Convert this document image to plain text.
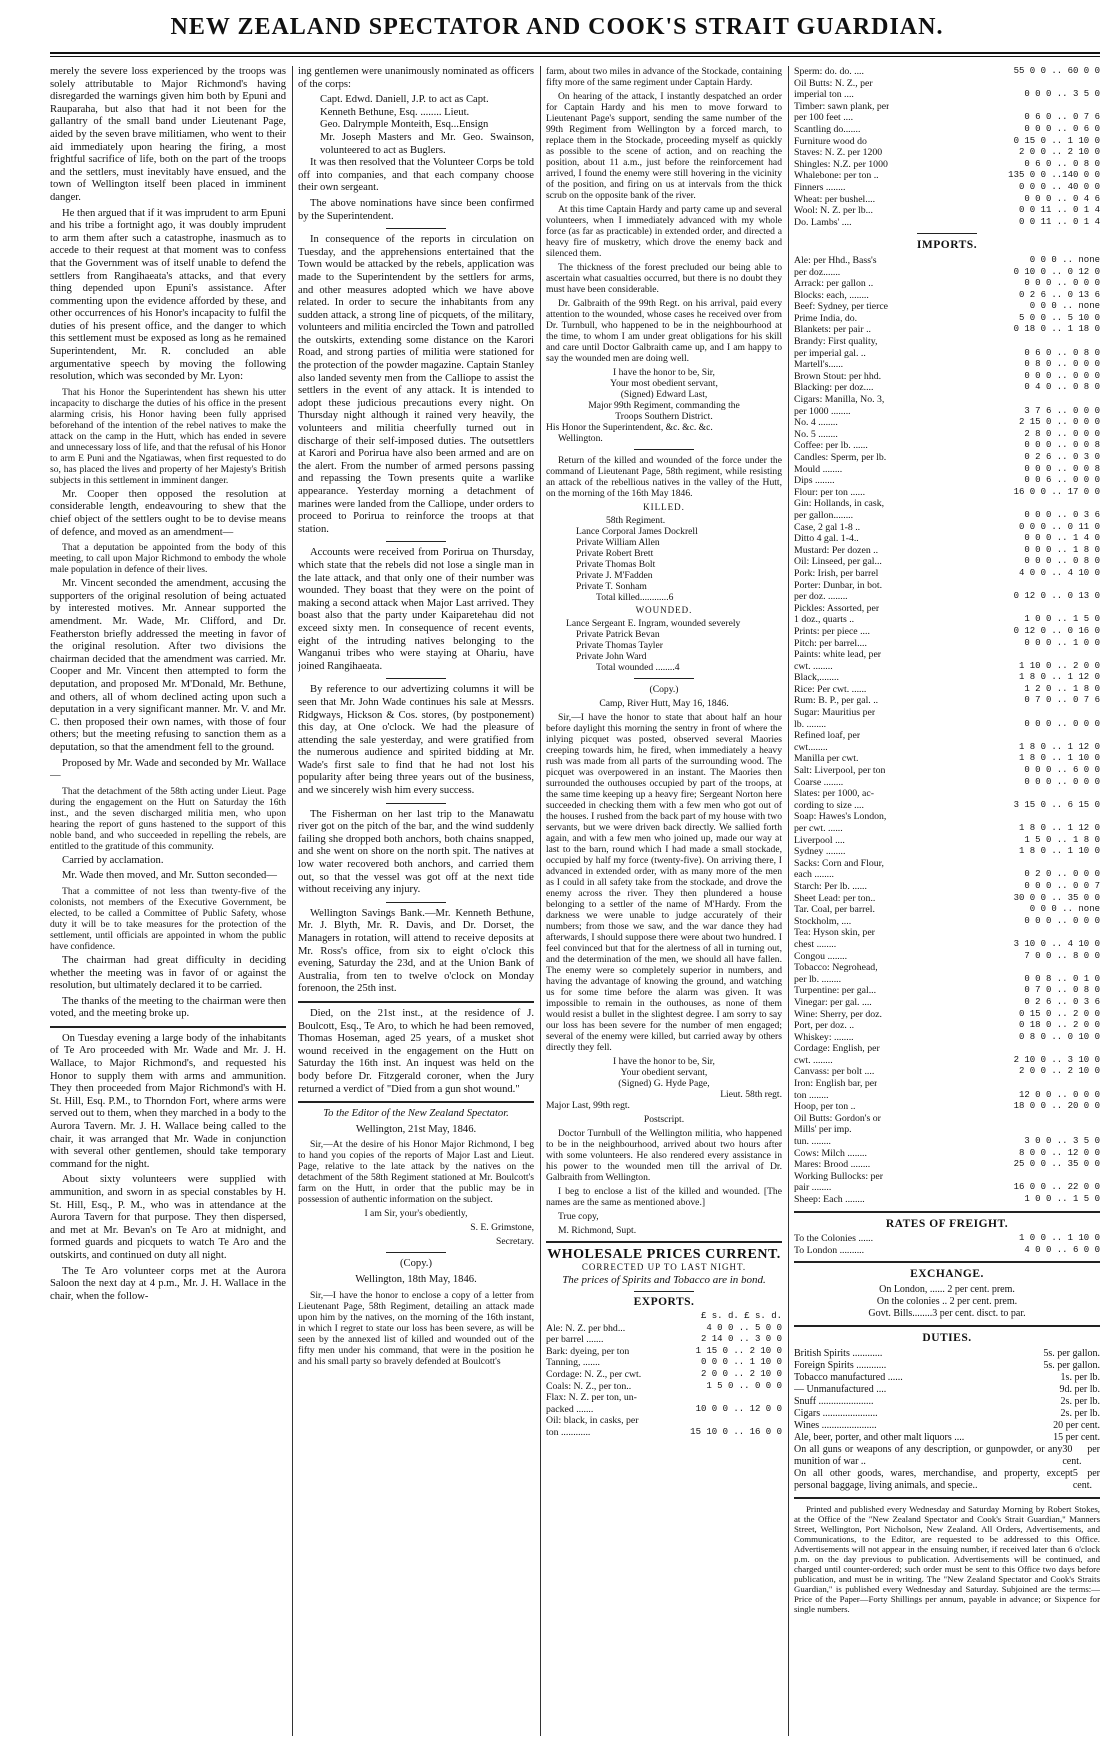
NEW ZEALAND SPECTATOR AND COOK'S STRAIT GUARDIAN.

merely the severe loss experienced by the troops was solely attributable to Major Richmond's having disregarded the warnings given him both by Epuni and Rauparaha, but also that had it not been for the gallantry of the small band under Lieutenant Page, aided by the seven brave militiamen, who went to their aid immediately upon hearing the firing, a most frightful sacrifice of life, both on the part of the troops and the settlers, must inevitably have ensued, and the town of Wellington itself been placed in imminent danger.

He then argued that if it was imprudent to arm Epuni and his tribe a fortnight ago, it was doubly imprudent to arm them after such a catastrophe, inasmuch as to accede to their request at that moment was to confess that the Government was of itself unable to defend the settlers from Rangihaeata's attacks, and that every thing depended upon Epuni's assistance. After commenting upon the evidence afforded by these, and other occurrences of his Honor's incapacity to fulfil the duties of his present office, and the danger to which this settlement must be exposed as long as he remained Superintendent, Mr. R. concluded an able argumentative speech by moving the following resolution, which was seconded by Mr. Lyon:

That his Honor the Superintendent has shewn his utter incapacity to discharge the duties of his office in the present alarming crisis, his Honor having been fully apprised beforehand of the intention of the rebel natives to make the attack on the camp in the Hutt, which has ended in severe and unnecessary loss of life, and that the refusal of his Honor to arm E Puni and the Ngatiawas, when first requested to do so, has placed the lives and property of her Majesty's British subjects in this settlement in imminent danger.

Mr. Cooper then opposed the resolution at considerable length, endeavouring to shew that the chief object of the settlers ought to be to devise means of defence, and moved as an amendment—

That a deputation be appointed from the body of this meeting, to call upon Major Richmond to embody the whole male population in defence of their lives.

Mr. Vincent seconded the amendment, accusing the supporters of the original resolution of being actuated by interested motives. Mr. Annear supported the amendment. Mr. Wade, Mr. Clifford, and Dr. Featherston briefly addressed the meeting in favor of the original resolution. After two divisions the chairman decided that the amendment was carried. Mr. Cooper and Mr. Vincent then attempted to form the deputation, and proposed Mr. M'Donald, Mr. Bethune, and others, all of whom declined acting upon such a deputation in a very significant manner. Mr. V. and Mr. C. then proposed their own names, with those of four others; but the meeting refusing to sanction them as a deputation, so that the amendment fell to the ground.

Proposed by Mr. Wade and seconded by Mr. Wallace—

That the detachment of the 58th acting under Lieut. Page during the engagement on the Hutt on Saturday the 16th inst., and the seven discharged militia men, who upon hearing the report of guns hastened to the support of this noble band, and who succeeded in repelling the rebels, are entitled to the gratitude of this community.

Carried by acclamation.

Mr. Wade then moved, and Mr. Sutton seconded—

That a committee of not less than twenty-five of the colonists, not members of the Executive Government, be elected, to be called a Committee of Public Safety, whose duty it will be to take measures for the protection of the settlement, until officials are appointed in whom the public have confidence.

The chairman had great difficulty in deciding whether the meeting was in favor of or against the resolution, but ultimately declared it to be carried.

The thanks of the meeting to the chairman were then voted, and the meeting broke up.

On Tuesday evening a large body of the inhabitants of Te Aro proceeded with Mr. Wade and Mr. J. H. Wallace, to Major Richmond's, and requested his Honor to supply them with arms and ammunition. They then proceeded from Major Richmond's with H. St. Hill, Esq. P.M., to Thorndon Fort, where arms were served out to them, when they marched in a body to the Aurora Tavern. Mr. J. H. Wallace being called to the chair, it was arranged that Mr. Wade in conjunction with several other gentlemen, should take temporary command for the night.

About sixty volunteers were supplied with ammunition, and sworn in as special constables by H. St. Hill, Esq., P. M., who was in attendance at the Aurora Tavern for that purpose. They then dispersed, and met at Mr. Bevan's on Te Aro at midnight, and formed guards and picquets to watch Te Aro and the outskirts, and continued on duty all night.

The Te Aro volunteer corps met at the Aurora Saloon the next day at 4 p.m., Mr. J. H. Wallace in the chair, when the follow-

ing gentlemen were unanimously nominated as officers of the corps:

Capt. Edwd. Daniell, J.P. to act as Capt.

Kenneth Bethune, Esq. ........ Lieut.

Geo. Dalrymple Monteith, Esq...Ensign

Mr. Joseph Masters and Mr. Geo. Swainson, volunteered to act as Buglers.

It was then resolved that the Volunteer Corps be told off into companies, and that each company choose their own sergeant.

The above nominations have since been confirmed by the Superintendent.

In consequence of the reports in circulation on Tuesday, and the apprehensions entertained that the Town would be attacked by the rebels, application was made to the Superintendent by the settlers for arms, and other measures adopted which we have above related. In order to secure the inhabitants from any sudden attack, a strong line of picquets, of the military, volunteers and militia encircled the Town and patrolled the outskirts, extending some distance on the Karori Road, and strong parties of militia were stationed for the protection of the powder magazine. Captain Stanley also landed seventy men from the Calliope to assist the settlers in the event of any attack. It is intended to adopt these judicious precautions every night. On Thursday night although it rained very heavily, the volunteers and militia cheerfully turned out in discharge of their self-imposed duties. The outsettlers at Karori and Porirua have also been armed and are on the alert. From the number of armed persons passing and repassing the Town presents quite a warlike appearance. Yesterday morning a detachment of marines were landed from the Calliope, under orders to proceed to Porirua to reinforce the troops at that station.

Accounts were received from Porirua on Thursday, which state that the rebels did not lose a single man in the late attack, and that only one of their number was wounded. They boast that they were on the point of making a second attack when Major Last arrived. They boast also that the party under Kaiparetehau did not exceed sixty men. In consequence of recent events, eight of the intruding natives belonging to the Wanganui tribes who were staying at Ohariu, have joined Rangihaeata.

By reference to our advertizing columns it will be seen that Mr. John Wade continues his sale at Messrs. Ridgways, Hickson & Cos. stores, (by postponement) this day, at One o'clock. We had the pleasure of attending the sale yesterday, and were gratified from the numerous audience and spirited bidding at Mr. Wade's first sale to find that he had not lost his popularity after being three years out of the business, and we sincerely wish him every success.

The Fisherman on her last trip to the Manawatu river got on the pitch of the bar, and the wind suddenly failing she dropped both anchors, both chains snapped, and she went on shore on the north spit. The natives at low water recovered both anchors, and carried them out, so that the vessel was got off at the next tide without receiving any injury.

Wellington Savings Bank.—Mr. Kenneth Bethune, Mr. J. Blyth, Mr. R. Davis, and Dr. Dorset, the Managers in rotation, will attend to receive deposits at Mr. Ross's office, from six to eight o'clock this evening, Saturday the 23d, and at the Union Bank of Australia, from ten to twelve o'clock on Monday forenoon, the 25th inst.

Died, on the 21st inst., at the residence of J. Boulcott, Esq., Te Aro, to which he had been removed, Thomas Hoseman, aged 25 years, of a musket shot wound received in the engagement on the Hutt on Saturday the 16th inst. An inquest was held on the body before Dr. Fitzgerald coroner, when the Jury returned a verdict of "Died from a gun shot wound."

To the Editor of the New Zealand Spectator.

Wellington, 21st May, 1846.

Sir,—At the desire of his Honor Major Richmond, I beg to hand you copies of the reports of Major Last and Lieut. Page, relative to the late attack by the natives on the detachment of the 58th Regiment stationed at Mr. Boulcott's farm on the Hutt, in order that the public may be in possession of authentic information on the subject.

I am Sir, your's obediently,

S. E. Grimstone,

Secretary.

(Copy.)

Wellington, 18th May, 1846.

Sir,—I have the honor to enclose a copy of a letter from Lieutenant Page, 58th Regiment, detailing an attack made upon him by the natives, on the morning of the 16th instant, in which I regret to state our loss has been severe, as will be seen by the annexed list of killed and wounded out of the fifty men under his command, that were in the position he and his small party so bravely defended at Boulcott's

farm, about two miles in advance of the Stockade, containing fifty more of the same regiment under Captain Hardy.

On hearing of the attack, I instantly despatched an order for Captain Hardy and his men to move forward to Lieutenant Page's support, sending the same number of the 99th Regiment from Wellington by a forced march, to replace them in the Stockade, proceeding myself as quickly as possible to the scene of action, and on reaching the position, about 11 a.m., just before the reinforcement had arrived, I found the enemy were still hovering in the vicinity of the position, and firing on us at intervals from the thick scrub on the opposite bank of the river.

At this time Captain Hardy and party came up and several volunteers, when I immediately advanced with my whole force (as far as practicable) in extended order, and directed a heavy fire of musketry, which drove the enemy back and silenced them.

The thickness of the forest precluded our being able to ascertain what casualties occurred, but there is no doubt they must have been considerable.

Dr. Galbraith of the 99th Regt. on his arrival, paid every attention to the wounded, whose cases he received over from Dr. Turnbull, who happened to be in the neighbourhood at the time, to whom I am under great obligations for his skill and care until Doctor Galbraith came up, and I am happy to say the wounded men are doing well.

I have the honor to be, Sir,
Your most obedient servant,
(Signed) Edward Last,
Major 99th Regiment, commanding the
Troops Southern District.
His Honor the Superintendent, &c. &c. &c.
Wellington.

Return of the killed and wounded of the force under the command of Lieutenant Page, 58th regiment, while resisting an attack of the rebellious natives in the valley of the Hutt, on the morning of the 16th May 1846.

KILLED.
58th Regiment.
Lance Corporal James Dockrell
Private William Allen
Private Robert Brett
Private Thomas Bolt
Private J. M'Fadden
Private T. Sonham
Total killed............6
WOUNDED.
Lance Sergeant E. Ingram, wounded severely
Private Patrick Bevan
Private Thomas Tayler
Private John Ward
Total wounded ........4

(Copy.)

Camp, River Hutt, May 16, 1846.

Sir,—I have the honor to state that about half an hour before daylight this morning the sentry in front of where the inlying picquet was posted, observed several Maories creeping towards him, he fired, when immediately a heavy rush was made from all parts of the surrounding wood. The picquet was overpowered in an instant. The Maories then surrounded the outhouses occupied by part of the troops, at the same time keeping up a heavy fire; Sergeant Norton here succeeded in checking them with a few men who got out of the houses. I rushed from the back part of my house with two servants, but we were driven back directly. We sallied forth again, and with a few men who joined up, made our way at last to the barn, round which I had made a small stockade, occupied by half my force (twenty-five). On arriving there, I advanced in extended order, with as many more of the men as I could in all safety take from the stockade, and drove the enemy across the river. They then plundered a house belonging to a settler of the name of M'Hardy. From the darkness we were unable to judge accurately of their numbers; from those we saw, and the war dance they had afterwards, I should suppose there were about two hundred. I feel convinced but that for the alertness of all in turning out, and the determination of the men, we should all have fallen. The enemy were so completely superior in numbers, and having the advantage of knowing the ground, and watching us for some time before the alarm was given. It was impossible to remain in the outhouses, as none of them would resist a bullet in the slightest degree. I am sorry to say our loss has been severe for the number of men engaged; several of the enemy were killed, but carried away by others directly they fell.

I have the honor to be, Sir,
Your obedient servant,
(Signed) G. Hyde Page,
Lieut. 58th regt.

Major Last, 99th regt.

Postscript.

Doctor Turnbull of the Wellington militia, who happened to be in the neighbourhood, arrived about two hours after with some volunteers. He also rendered every assistance in his power to the wounded men till the arrival of Dr. Galbraith from Wellington.

I beg to enclose a list of the killed and wounded. [The names are the same as mentioned above.]

True copy,

M. Richmond, Supt.

WHOLESALE PRICES CURRENT.
CORRECTED UP TO LAST NIGHT.
The prices of Spirits and Tobacco are in bond.
EXPORTS.
£ s. d. £ s. d.
Ale: N. Z. per bhd...	4 0 0 .. 5 0 0
per barrel .......	2 14 0 .. 3 0 0
Bark: dyeing, per ton	1 15 0 .. 2 10 0
Tanning, .......	0 0 0 .. 1 10 0
Cordage: N. Z., per cwt.	2 0 0 .. 2 10 0
Coals: N. Z., per ton..	1 5 0 .. 0 0 0
Flax: N. Z. per ton, un-
packed .......	10 0 0 .. 12 0 0
Oil: black, in casks, per
ton ............	15 10 0 .. 16 0 0
Sperm: do. do. ....	55 0 0 .. 60 0 0
Oil Butts: N. Z., per
imperial ton ....	0 0 0 .. 3 5 0
Timber: sawn plank, per
per 100 feet ....	0 6 0 .. 0 7 6
Scantling do.......	0 0 0 .. 0 6 0
Furniture wood do	0 15 0 .. 1 10 0
Staves: N. Z. per 1200	2 0 0 .. 2 10 0
Shingles: N.Z. per 1000	0 6 0 .. 0 8 0
Whalebone: per ton ..	135 0 0 ..140 0 0
Finners ........	0 0 0 .. 40 0 0
Wheat: per bushel....	0 0 0 .. 0 4 6
Wool: N. Z. per lb...	0 0 11 .. 0 1 4
Do. Lambs' ....	0 0 11 .. 0 1 4
IMPORTS.
Ale: per Hhd., Bass's	0 0 0 .. none
per doz.......	0 10 0 .. 0 12 0
Arrack: per gallon ..	0 0 0 .. 0 0 0
Blocks: each, ........	0 2 6 .. 0 13 6
Beef: Sydney, per tierce	0 0 0 .. none
Prime India, do.	5 0 0 .. 5 10 0
Blankets: per pair ..	0 18 0 .. 1 18 0
Brandy: First quality,
per imperial gal. ..	0 6 0 .. 0 8 0
Martell's......	0 8 0 .. 0 0 0
Brown Stout: per hhd.	0 0 0 .. 0 0 0
Blacking: per doz....	0 4 0 .. 0 8 0
Cigars: Manilla, No. 3,
per 1000 ........	3 7 6 .. 0 0 0
No. 4 ........	2 15 0 .. 0 0 0
No. 5 ........	2 8 0 .. 0 0 0
Coffee: per lb. ......	0 0 0 .. 0 0 8
Candles: Sperm, per lb.	0 2 6 .. 0 3 0
Mould ........	0 0 0 .. 0 0 8
Dips ........	0 0 6 .. 0 0 0
Flour: per ton ......	16 0 0 .. 17 0 0
Gin: Hollands, in cask,
per gallon........	0 0 0 .. 0 3 6
Case, 2 gal 1-8 ..	0 0 0 .. 0 11 0
Ditto 4 gal. 1-4..	0 0 0 .. 1 4 0
Mustard: Per dozen ..	0 0 0 .. 1 8 0
Oil: Linseed, per gal...	0 0 0 .. 0 8 0
Pork: Irish, per barrel	4 0 0 .. 4 10 0
Porter: Dunbar, in bot.
per doz. ........	0 12 0 .. 0 13 0
Pickles: Assorted, per
1 doz., quarts ..	1 0 0 .. 1 5 0
Prints: per piece ....	0 12 0 .. 0 16 0
Pitch: per barrel....	0 0 0 .. 1 0 0
Paints: white lead, per
cwt. ........	1 10 0 .. 2 0 0
Black,........	1 8 0 .. 1 12 0
Rice: Per cwt. ......	1 2 0 .. 1 8 0
Rum: B. P., per gal. ..	0 7 0 .. 0 7 6
Sugar: Mauritius per
lb. ........	0 0 0 .. 0 0 0
Refined loaf, per
cwt........	1 8 0 .. 1 12 0
Manilla per cwt.	1 8 0 .. 1 10 0
Salt: Liverpool, per ton	0 0 0 .. 6 0 0
Coarse ........	0 0 0 .. 0 0 0
Slates: per 1000, ac-
cording to size ....	3 15 0 .. 6 15 0
Soap: Hawes's London,
per cwt. ......	1 8 0 .. 1 12 0
Liverpool ....	1 5 0 .. 1 8 0
Sydney ........	1 8 0 .. 1 10 0
Sacks: Corn and Flour,
each ........	0 2 0 .. 0 0 0
Starch: Per lb. ......	0 0 0 .. 0 0 7
Sheet Lead: per ton..	30 0 0 .. 35 0 0
Tar. Coal, per barrel.	0 0 0 .. none
Stockholm, ....	0 0 0 .. 0 0 0
Tea: Hyson skin, per
chest ........	3 10 0 .. 4 10 0
Congou ........	7 0 0 .. 8 0 0
Tobacco: Negrohead,
per lb. ........	0 0 8 .. 0 1 0
Turpentine: per gal...	0 7 0 .. 0 8 0
Vinegar: per gal. ....	0 2 6 .. 0 3 6
Wine: Sherry, per doz.	0 15 0 .. 2 0 0
Port, per doz. ..	0 18 0 .. 2 0 0
Whiskey: ........	0 8 0 .. 0 10 0
Cordage: English, per
cwt. ........	2 10 0 .. 3 10 0
Canvass: per bolt ....	2 0 0 .. 2 10 0
Iron: English bar, per
ton ........	12 0 0 .. 0 0 0
Hoop, per ton ..	18 0 0 .. 20 0 0
Oil Butts: Gordon's or
Mills' per imp.
tun. ........	3 0 0 .. 3 5 0
Cows: Milch ........	8 0 0 .. 12 0 0
Mares: Brood ........	25 0 0 .. 35 0 0
Working Bullocks: per
pair ........	16 0 0 .. 22 0 0
Sheep: Each ........	1 0 0 .. 1 5 0
RATES OF FREIGHT.
To the Colonies ......	1 0 0 .. 1 10 0
To London ..........	4 0 0 .. 6 0 0
EXCHANGE.
On London, ...... 2 per cent. prem.
On the colonies .. 2 per cent. prem.
Govt. Bills........3 per cent. disct. to par.
DUTIES.
British Spirits ............	5s. per gallon.
Foreign Spirits ............	5s. per gallon.
Tobacco manufactured ......	1s. per lb.
— Unmanufactured ....	9d. per lb.
Snuff ......................	2s. per lb.
Cigars ......................	2s. per lb.
Wines ......................	20 per cent.
Ale, beer, porter, and other malt liquors ....	15 per cent.
On all guns or weapons of any description, or gunpowder, or any munition of war ..
30 per cent.
On all other goods, wares, merchandise, and property, except personal baggage, living animals, and specie..
5 per cent.

Printed and published every Wednesday and Saturday Morning by Robert Stokes, at the Office of the "New Zealand Spectator and Cook's Strait Guardian," Manners Street, Wellington, Port Nicholson, New Zealand. All Orders, Advertisements, and Communications, to the Editor, are requested to be addressed to this Office. Advertisements will not appear in the ensuing number, if received later than 6 o'clock p.m. on the day previous to publication. Advertisements will be continued, and charged until counter-ordered; such order must be sent to this Office two days before publication, and must be in writing. The "New Zealand Spectator and Cook's Straits Guardian," is published every Wednesday and Saturday. Subjoined are the terms:— Price of the Paper—Forty Shillings per annum, payable in advance; or Sixpence for single numbers.
